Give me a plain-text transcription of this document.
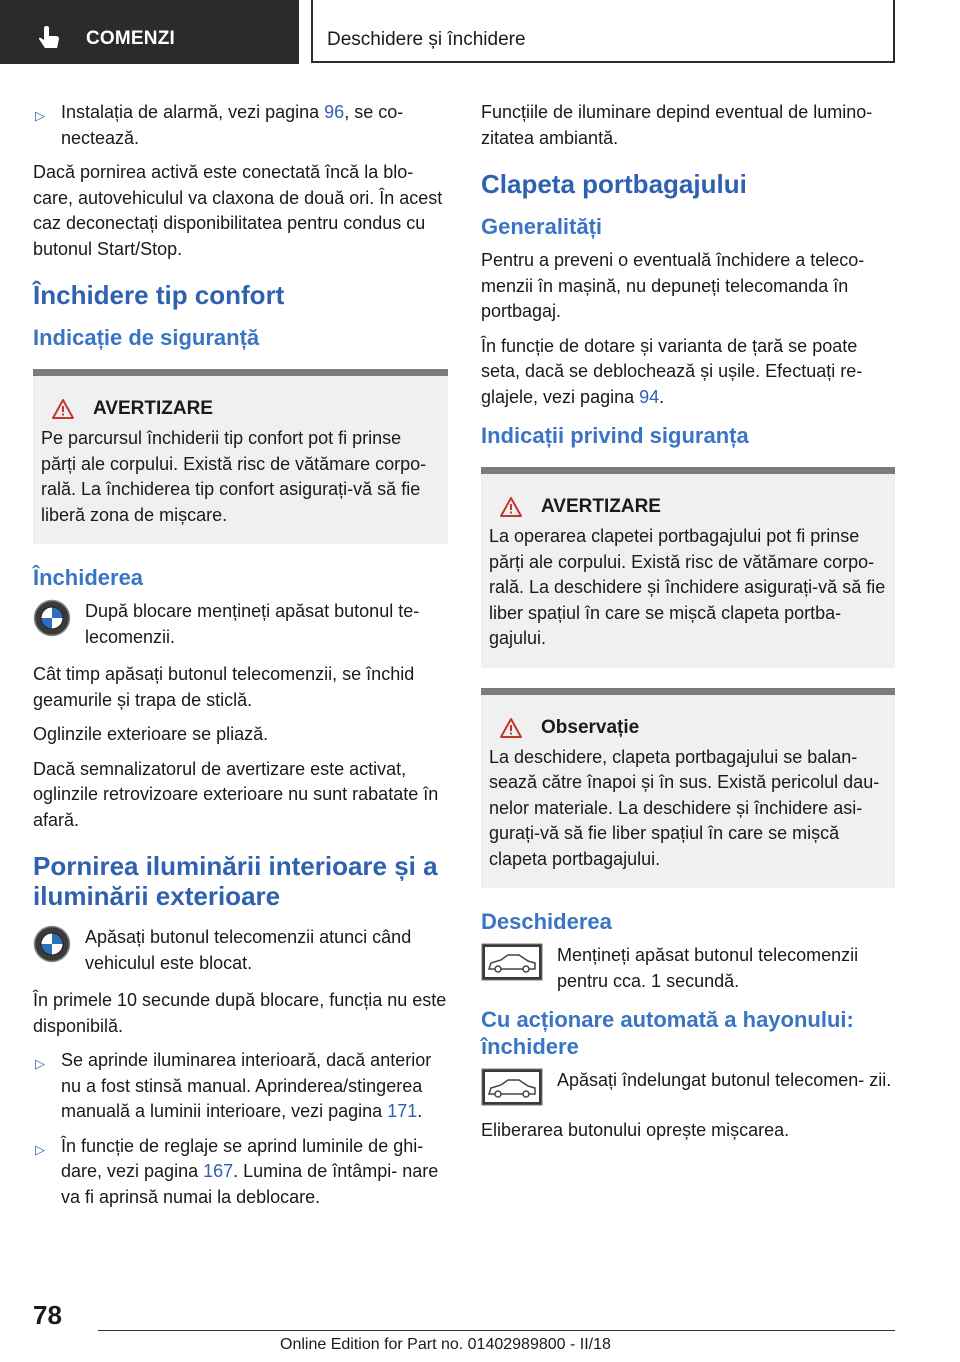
COMENZI	Deschidere și închidere
▷ Instalația de alarmă, vezi pagina 96, se co‐ nectează.

Dacă pornirea activă este conectată încă la blo‐ care, autovehiculul va claxona de două ori. În acest caz deconectați disponibilitatea pentru condus cu butonul Start/Stop.

Închidere tip confort
Indicație de siguranță
AVERTIZARE

Pe parcursul închiderii tip confort pot fi prinse părți ale corpului. Există risc de vătămare corpo‐ rală. La închiderea tip confort asigurați-vă să fie liberă zona de mișcare.

Închiderea

După blocare mențineți apăsat butonul te‐ lecomenzii.

Cât timp apăsați butonul telecomenzii, se închid geamurile și trapa de sticlă.

Oglinzile exterioare se pliază.

Dacă semnalizatorul de avertizare este activat, oglinzile retrovizoare exterioare nu sunt rabatate în afară.

Pornirea iluminării interioare și a iluminării exterioare

Apăsați butonul telecomenzii atunci când vehiculul este blocat.

În primele 10 secunde după blocare, funcția nu este disponibilă.

▷ Se aprinde iluminarea interioară, dacă anterior nu a fost stinsă manual. Aprinderea/stingerea manuală a luminii interioare, vezi pagina 171.
▷ În funcție de reglaje se aprind luminile de ghi‐ dare, vezi pagina 167. Lumina de întâmpi‐ nare va fi aprinsă numai la deblocare.

Funcțiile de iluminare depind eventual de lumino‐ zitatea ambiantă.

Clapeta portbagajului
Generalități

Pentru a preveni o eventuală închidere a teleco‐ menzii în mașină, nu depuneți telecomanda în portbagaj.

În funcție de dotare și varianta de țară se poate seta, dacă se deblochează și ușile. Efectuați re‐ glajele, vezi pagina 94.

Indicații privind siguranța
AVERTIZARE

La operarea clapetei portbagajului pot fi prinse părți ale corpului. Există risc de vătămare corpo‐ rală. La deschidere și închidere asigurați-vă să fie liber spațiul în care se mișcă clapeta portba‐ gajului.

Observație

La deschidere, clapeta portbagajului se balan‐ sează către înapoi și în sus. Există pericolul dau‐ nelor materiale. La deschidere și închidere asi‐ gurați-vă să fie liber spațiul în care se mișcă clapeta portbagajului.

Deschiderea

Mențineți apăsat butonul telecomenzii pentru cca. 1 secundă.

Cu acționare automată a hayonului: închidere

Apăsați îndelungat butonul telecomen‐ zii.

Eliberarea butonului oprește mișcarea.

78
Online Edition for Part no. 01402989800 - II/18
